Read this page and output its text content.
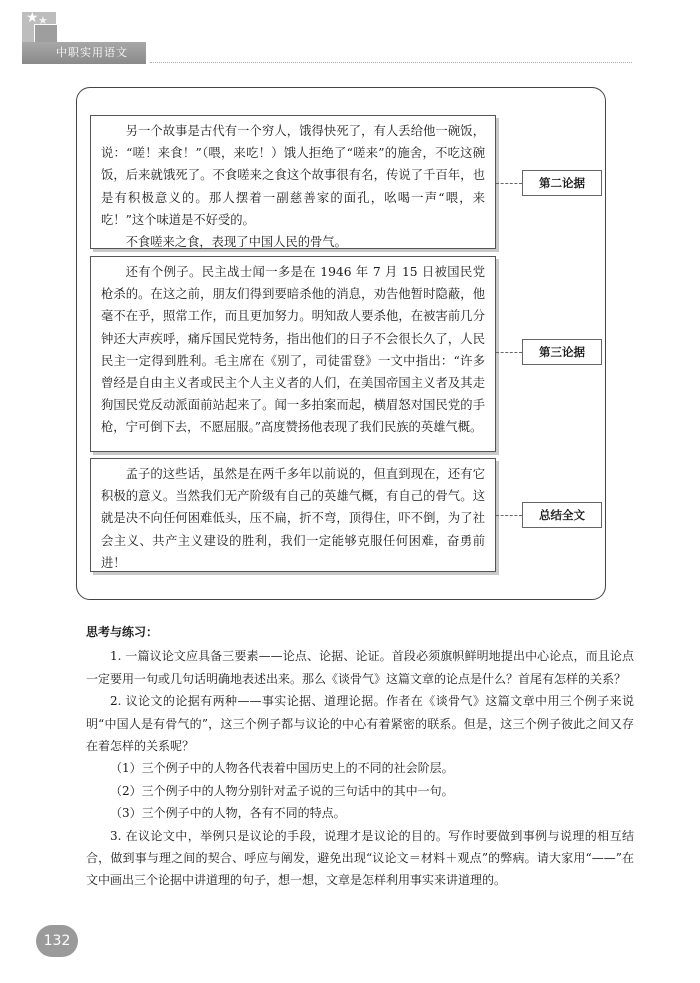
★ ★
中职实用语文

另一个故事是古代有一个穷人，饿得快死了，有人丢给他一碗饭，说：“嗟！来食！”（喂，来吃！）饿人拒绝了“嗟来”的施舍，不吃这碗饭，后来就饿死了。不食嗟来之食这个故事很有名，传说了千百年，也是有积极意义的。那人摆着一副慈善家的面孔，吆喝一声“喂，来吃！”这个味道是不好受的。

不食嗟来之食，表现了中国人民的骨气。

第二论据

还有个例子。民主战士闻一多是在 1946 年 7 月 15 日被国民党枪杀的。在这之前，朋友们得到要暗杀他的消息，劝告他暂时隐蔽，他毫不在乎，照常工作，而且更加努力。明知敌人要杀他，在被害前几分钟还大声疾呼，痛斥国民党特务，指出他们的日子不会很长久了，人民民主一定得到胜利。毛主席在《别了，司徒雷登》一文中指出：“许多曾经是自由主义者或民主个人主义者的人们，在美国帝国主义者及其走狗国民党反动派面前站起来了。闻一多拍案而起，横眉怒对国民党的手枪，宁可倒下去，不愿屈服。”高度赞扬他表现了我们民族的英雄气概。

第三论据

孟子的这些话，虽然是在两千多年以前说的，但直到现在，还有它积极的意义。当然我们无产阶级有自己的英雄气概，有自己的骨气。这就是决不向任何困难低头，压不扁，折不弯，顶得住，吓不倒，为了社会主义、共产主义建设的胜利，我们一定能够克服任何困难，奋勇前进！

总结全文
思考与练习：

1. 一篇议论文应具备三要素——论点、论据、论证。首段必须旗帜鲜明地提出中心论点，而且论点一定要用一句或几句话明确地表述出来。那么《谈骨气》这篇文章的论点是什么？首尾有怎样的关系？

2. 议论文的论据有两种——事实论据、道理论据。作者在《谈骨气》这篇文章中用三个例子来说明“中国人是有骨气的”，这三个例子都与议论的中心有着紧密的联系。但是，这三个例子彼此之间又存在着怎样的关系呢？

（1）三个例子中的人物各代表着中国历史上的不同的社会阶层。

（2）三个例子中的人物分别针对孟子说的三句话中的其中一句。

（3）三个例子中的人物，各有不同的特点。

3. 在议论文中，举例只是议论的手段，说理才是议论的目的。写作时要做到事例与说理的相互结合，做到事与理之间的契合、呼应与阐发，避免出现“议论文＝材料＋观点”的弊病。请大家用“——”在文中画出三个论据中讲道理的句子，想一想，文章是怎样利用事实来讲道理的。

132
